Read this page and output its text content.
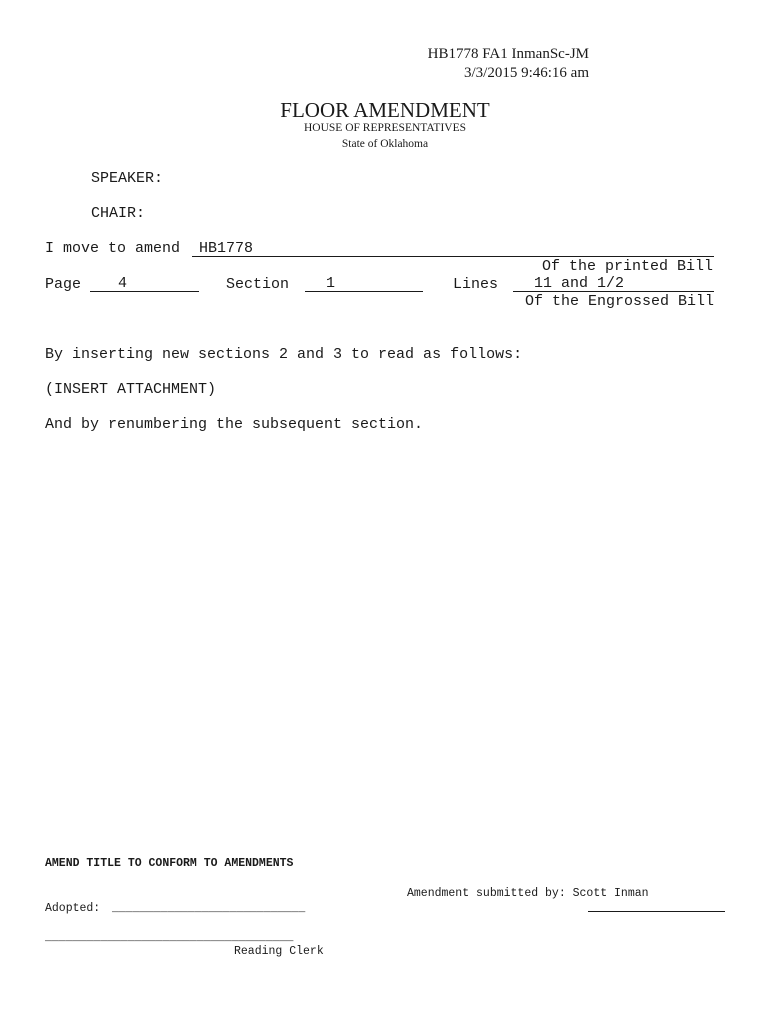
HB1778 FA1 InmanSc-JM
3/3/2015 9:46:16 am
FLOOR AMENDMENT
HOUSE OF REPRESENTATIVES
State of Oklahoma
SPEAKER:
CHAIR:
I move to amend HB1778
Of the printed Bill
Page 4	Section 1	Lines 11 and 1/2
Of the Engrossed Bill
By inserting new sections 2 and 3 to read as follows:
(INSERT ATTACHMENT)
And by renumbering the subsequent section.
AMEND TITLE TO CONFORM TO AMENDMENTS
Amendment submitted by: Scott Inman
Adopted: ____________________________
____________________________________
Reading Clerk
